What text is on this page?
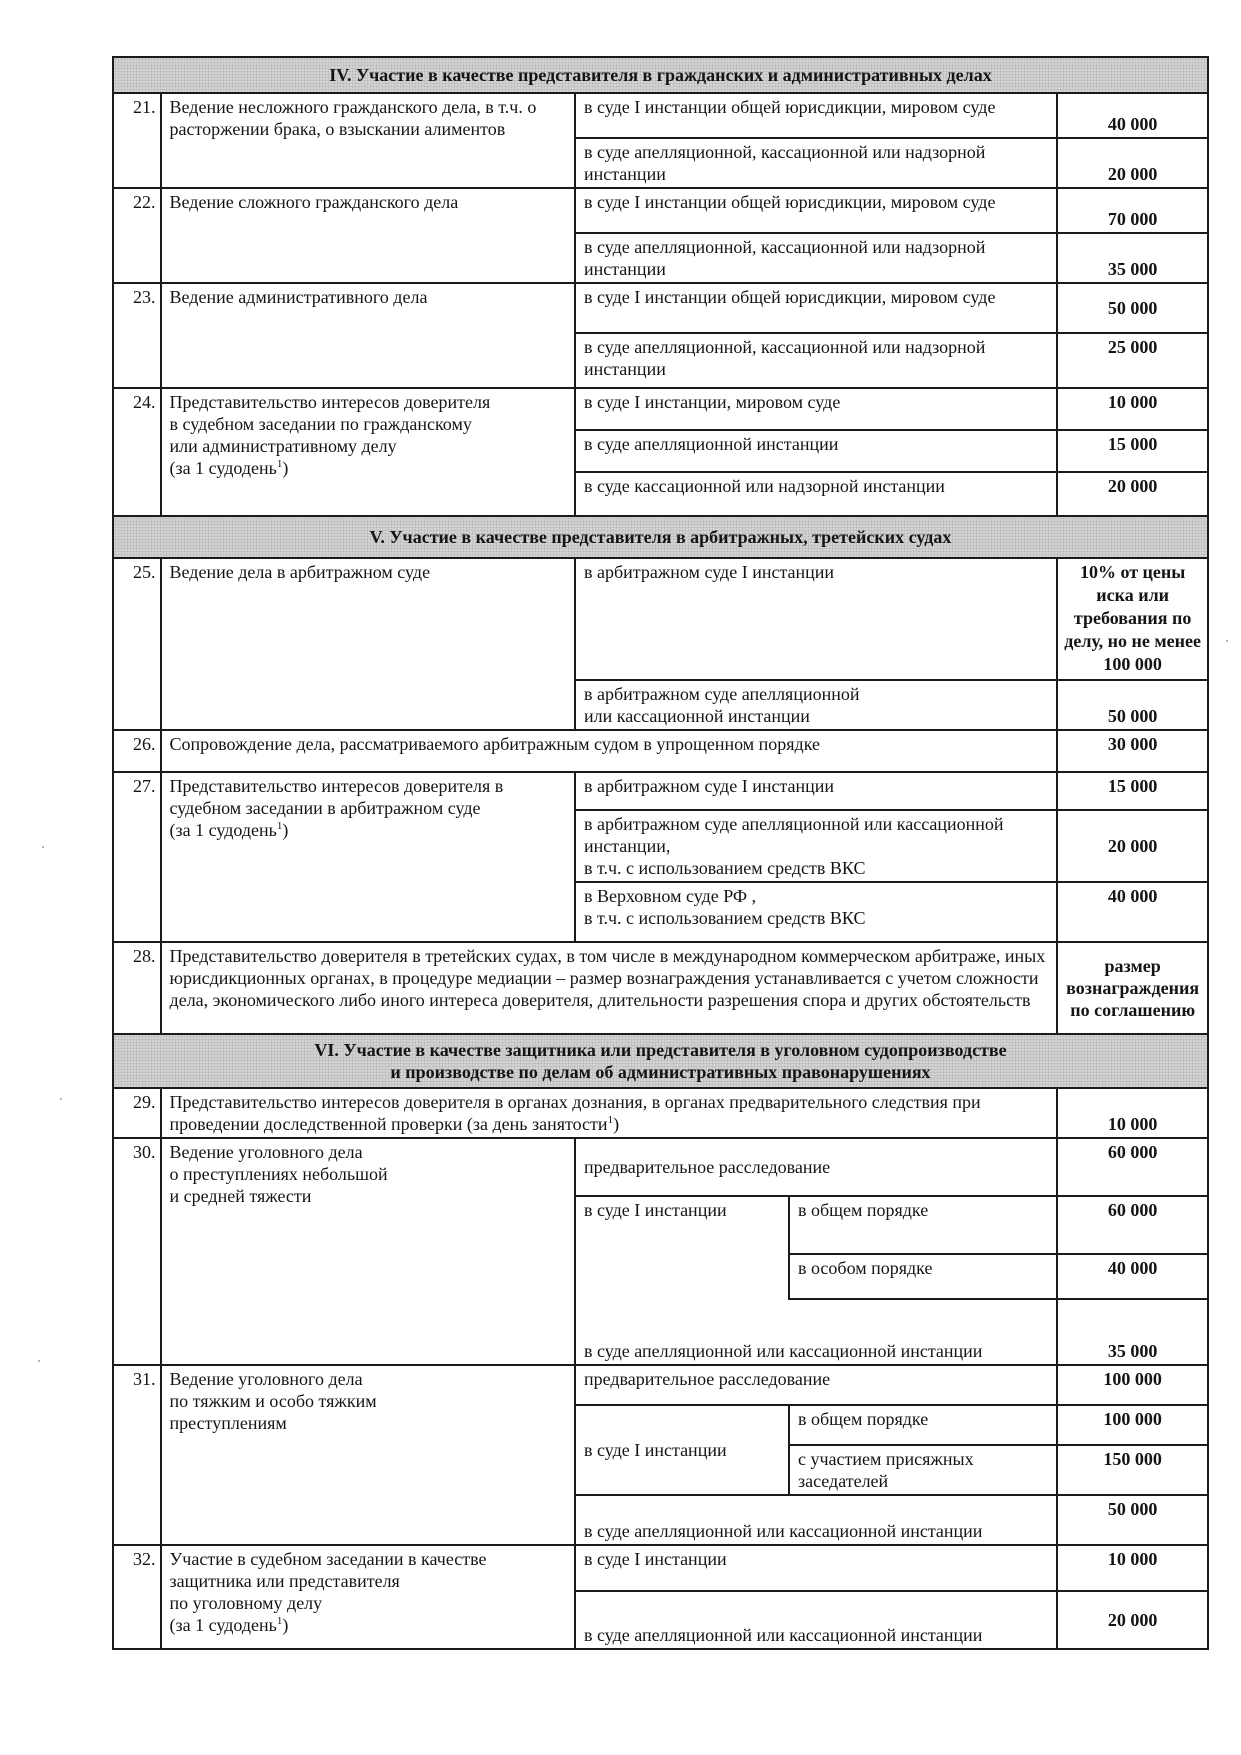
IV. Участие в качестве представителя в гражданских и административных делах				
21.	Ведение несложного гражданского дела, в т.ч. о расторжении брака, о взыскании алиментов	в суде I инстанции общей юрисдикции, мировом суде		40 000
		в суде апелляционной, кассационной или надзорной инстанции		20 000
22.	Ведение сложного гражданского дела	в суде I инстанции общей юрисдикции, мировом суде		70 000
		в суде апелляционной, кассационной или надзорной инстанции		35 000
23.	Ведение административного дела	в суде I инстанции общей юрисдикции, мировом суде		50 000
		в суде апелляционной, кассационной или надзорной инстанции		25 000
24.	Представительство интересов доверителя
в судебном заседании по гражданскому
или административному делу
(за 1 судодень$^1$)	в суде I инстанции, мировом суде		10 000
		в суде апелляционной инстанции		15 000
		в суде кассационной или надзорной инстанции		20 000
V. Участие в качестве представителя в арбитражных, третейских судах				
25.	Ведение дела в арбитражном суде	в арбитражном суде I инстанции		10% от цены иска или требования по делу, но не менее 100 000

		в арбитражном суде апелляционной
или кассационной инстанции		50 000
26.	Сопровождение дела, рассматриваемого арбитражным судом в упрощенном порядке			30 000
27.	Представительство интересов доверителя в судебном заседании в арбитражном суде
(за 1 судодень$^1$)	в арбитражном суде I инстанции		15 000

		в арбитражном суде апелляционной или кассационной инстанции,
в т.ч. с использованием средств ВКС		20 000

		в Верховном суде РФ ,
в т.ч. с использованием средств ВКС		40 000
28.	Представительство доверителя в третейских судах, в том числе в международном коммерческом арбитраже, иных юрисдикционных органах, в процедуре медиации – размер вознаграждения устанавливается с учетом сложности дела, экономического либо иного интереса доверителя, длительности разрешения спора и других обстоятельств			размер вознаграждения по соглашению

VI. Участие в качестве защитника или представителя в уголовном судопроизводстве
и производстве по делам об административных правонарушениях				

29.	Представительство интересов доверителя в органах дознания, в органах предварительного следствия при проведении доследственной проверки (за день занятости$^1$)			10 000
30.	Ведение уголовного дела
о преступлениях небольшой
и средней тяжести	предварительное расследование		60 000
		в суде I инстанции	в общем порядке	60 000
			в особом порядке	40 000
		в суде апелляционной или кассационной инстанции		35 000
31.	Ведение уголовного дела
по тяжким и особо тяжким
преступлениям	предварительное расследование		100 000
		в суде I инстанции	в общем порядке	100 000
			с участием присяжных заседателей	150 000
		в суде апелляционной или кассационной инстанции		50 000
32.	Участие в судебном заседании в качестве
защитника или представителя
по уголовному делу
(за 1 судодень$^1$)	в суде I инстанции		10 000
		в суде апелляционной или кассационной инстанции		20 000
